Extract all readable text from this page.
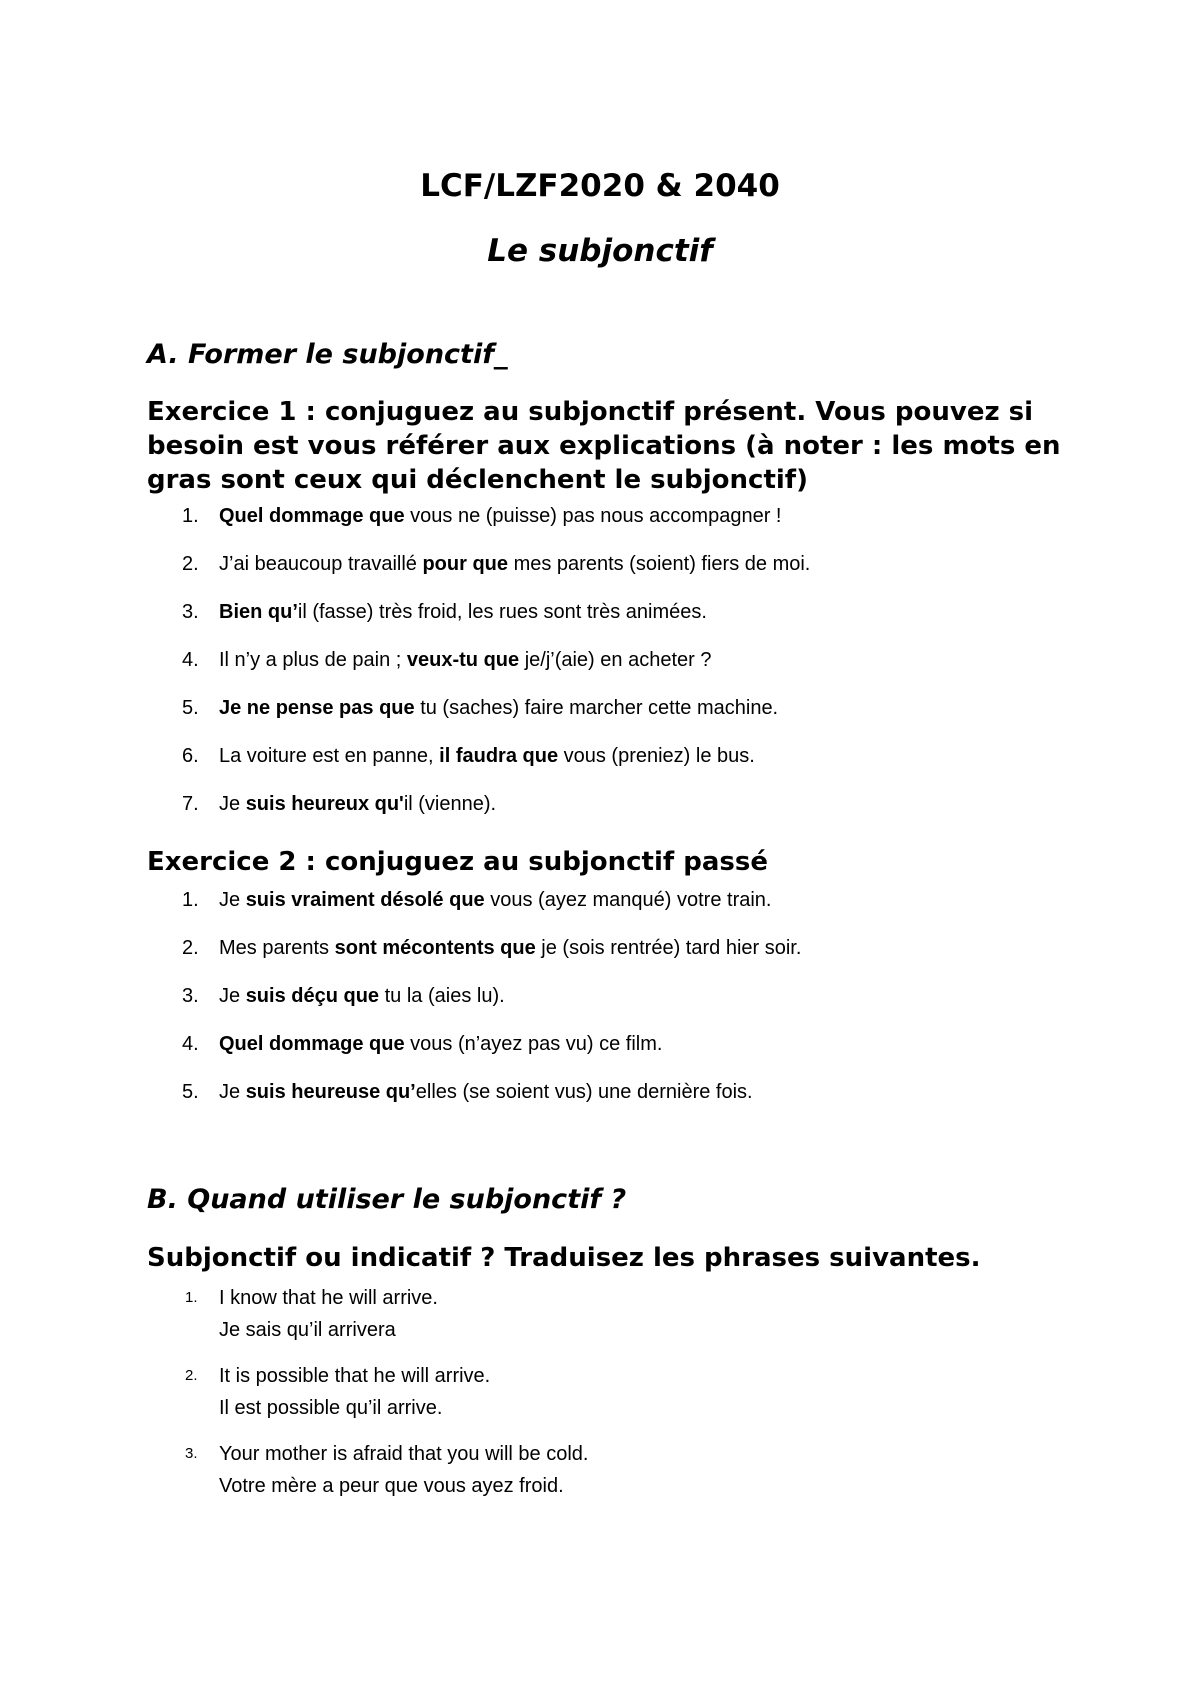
LCF/LZF2020 & 2040
Le subjonctif
A. Former le subjonctif_
Exercice 1 : conjuguez au subjonctif présent. Vous pouvez si besoin est vous référer aux explications (à noter : les mots en gras sont ceux qui déclenchent le subjonctif)
1. Quel dommage que vous ne (puisse) pas nous accompagner !
2. J’ai beaucoup travaillé pour que mes parents (soient) fiers de moi.
3. Bien qu’il (fasse) très froid, les rues sont très animées.
4. Il n’y a plus de pain ; veux-tu que je/j’(aie) en acheter ?
5. Je ne pense pas que tu (saches) faire marcher cette machine.
6. La voiture est en panne, il faudra que vous (preniez) le bus.
7. Je suis heureux qu'il (vienne).
Exercice 2 : conjuguez au subjonctif passé
1. Je suis vraiment désolé que vous (ayez manqué) votre train.
2. Mes parents sont mécontents que je (sois rentrée) tard hier soir.
3. Je suis déçu que tu la (aies lu).
4. Quel dommage que vous (n’ayez pas vu) ce film.
5. Je suis heureuse qu’elles (se soient vus) une dernière fois.
B. Quand utiliser le subjonctif ?
Subjonctif ou indicatif ? Traduisez les phrases suivantes.
1. I know that he will arrive.
Je sais qu’il arrivera
2. It is possible that he will arrive.
Il est possible qu’il arrive.
3. Your mother is afraid that you will be cold.
Votre mère a peur que vous ayez froid.
